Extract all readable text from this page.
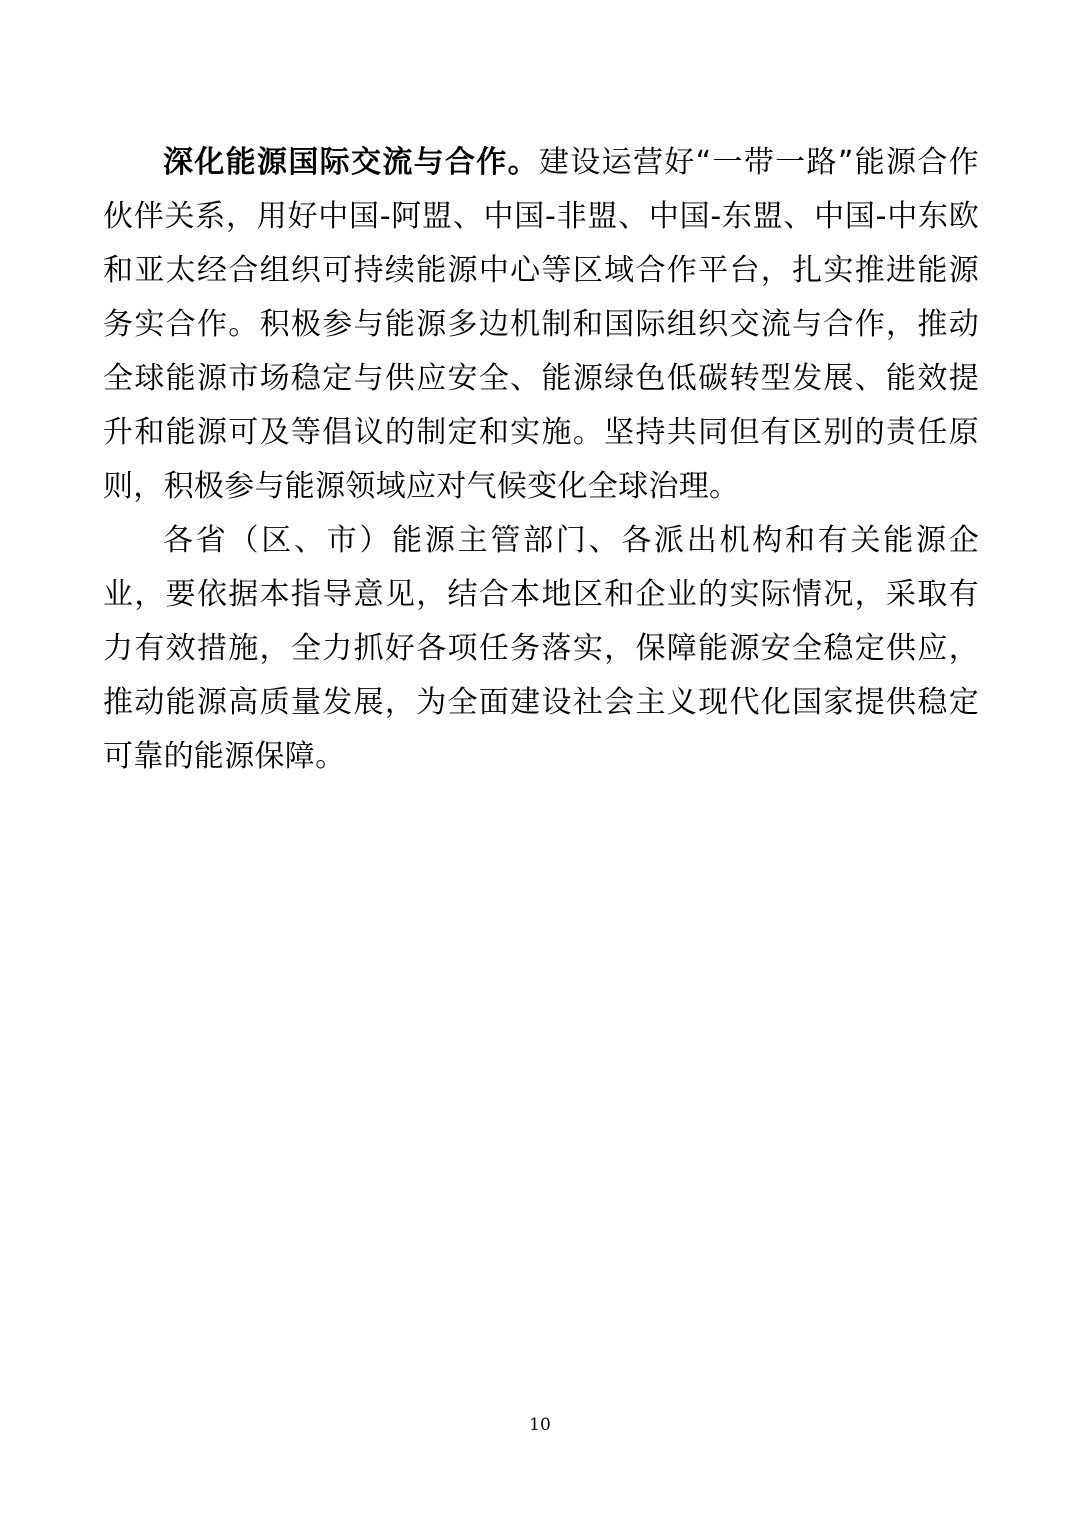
深化能源国际交流与合作。建设运营好“一带一路”能源合作伙伴关系，用好中国-阿盟、中国-非盟、中国-东盟、中国-中东欧和亚太经合组织可持续能源中心等区域合作平台，扎实推进能源务实合作。积极参与能源多边机制和国际组织交流与合作，推动全球能源市场稳定与供应安全、能源绿色低碳转型发展、能效提升和能源可及等倡议的制定和实施。坚持共同但有区别的责任原则，积极参与能源领域应对气候变化全球治理。

各省（区、市）能源主管部门、各派出机构和有关能源企业，要依据本指导意见，结合本地区和企业的实际情况，采取有力有效措施，全力抓好各项任务落实，保障能源安全稳定供应，推动能源高质量发展，为全面建设社会主义现代化国家提供稳定可靠的能源保障。

10
